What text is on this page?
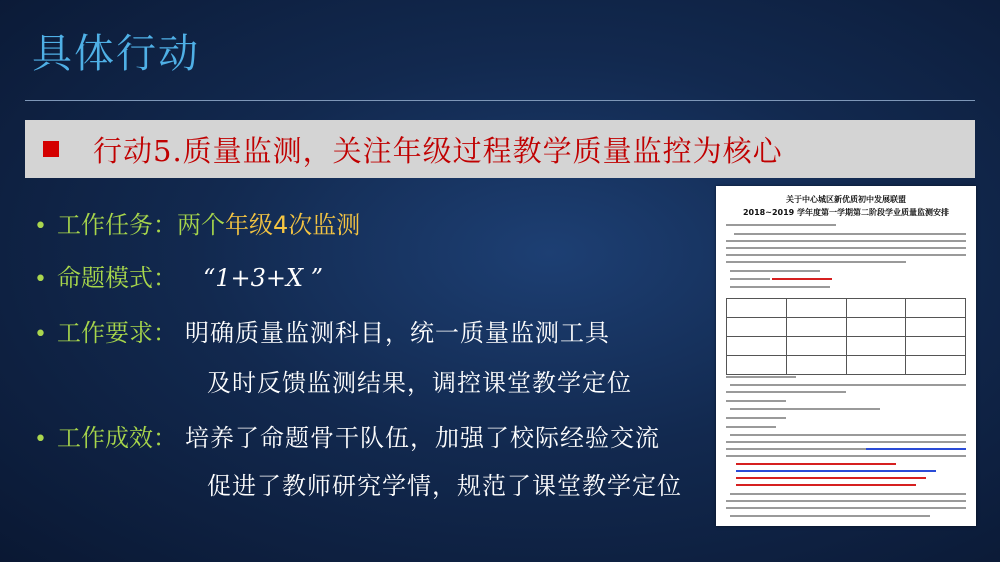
具体行动
行动5.质量监测，关注年级过程教学质量监控为核心
• 工作任务： 两个 年级4次监测
• 命题模式： “1+3+X ”
• 工作要求： 明确质量监测科目，统一质量监测工具
及时反馈监测结果，调控课堂教学定位
• 工作成效： 培养了命题骨干队伍，加强了校际经验交流
促进了教师研究学情，规范了课堂教学定位
关于中心城区新优质初中发展联盟
2018~2019 学年度第一学期第二阶段学业质量监测安排
